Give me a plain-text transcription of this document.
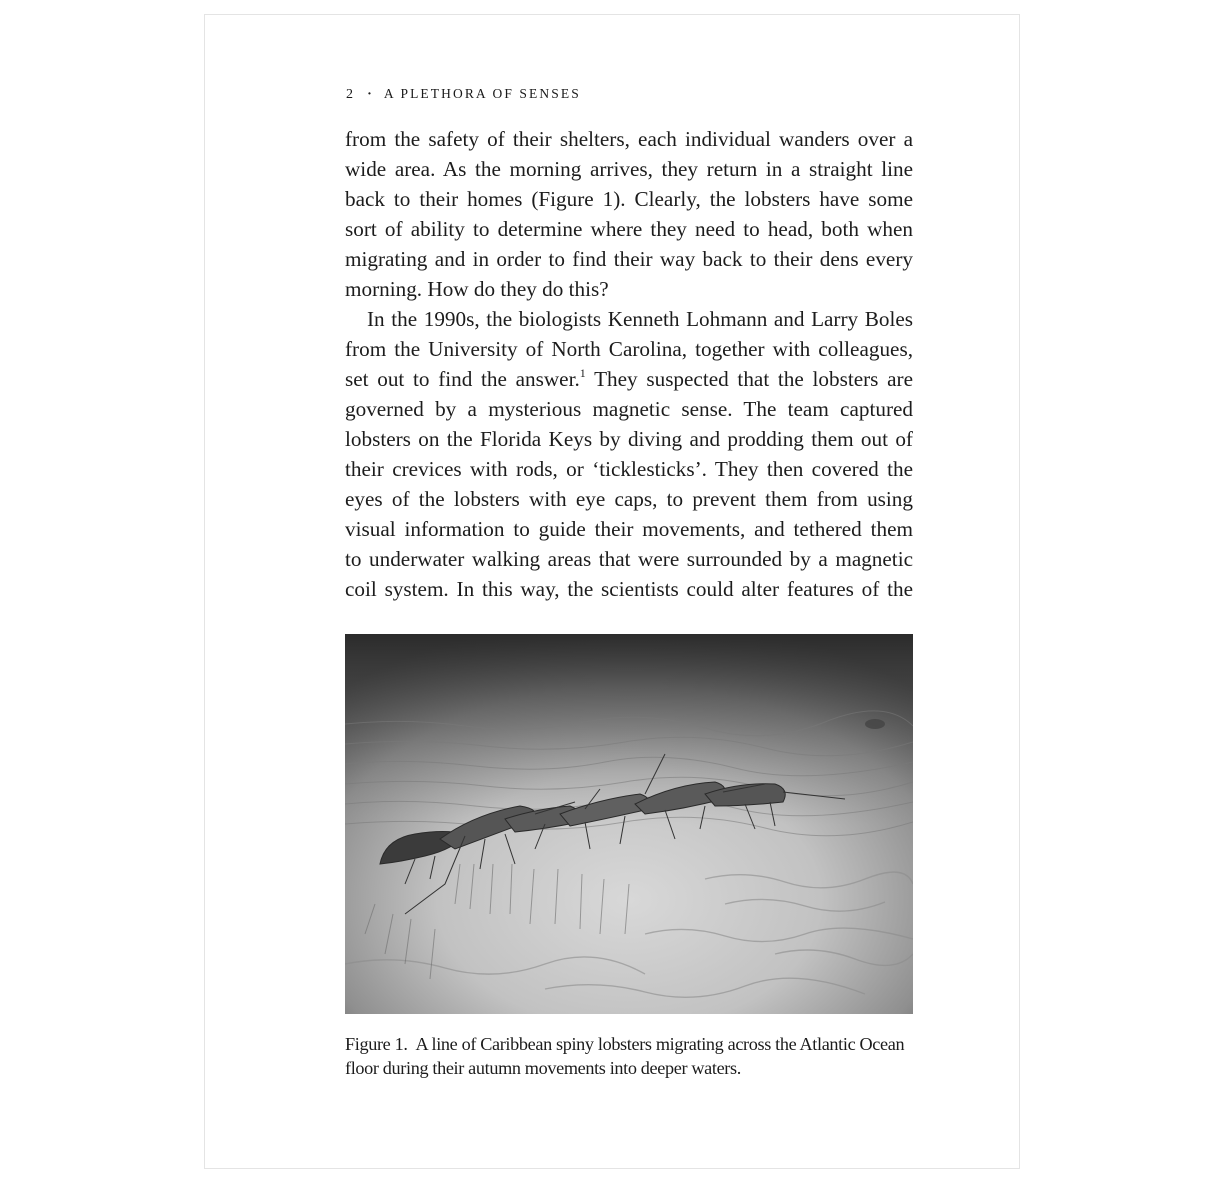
2 · A PLETHORA OF SENSES
from the safety of their shelters, each individual wanders over a
wide area. As the morning arrives, they return in a straight line
back to their homes (Figure 1). Clearly, the lobsters have some
sort of ability to determine where they need to head, both when
migrating and in order to find their way back to their dens every
morning. How do they do this?
In the 1990s, the biologists Kenneth Lohmann and Larry Boles
from the University of North Carolina, together with colleagues,
set out to find the answer.$^1$ They suspected that the lobsters are
governed by a mysterious magnetic sense. The team captured
lobsters on the Florida Keys by diving and prodding them out of
their crevices with rods, or ‘ticklesticks’. They then covered the
eyes of the lobsters with eye caps, to prevent them from using
visual information to guide their movements, and tethered them
to underwater walking areas that were surrounded by a magnetic
coil system. In this way, the scientists could alter features of the
Figure 1. A line of Caribbean spiny lobsters migrating across the Atlantic Ocean floor during their autumn movements into deeper waters.
